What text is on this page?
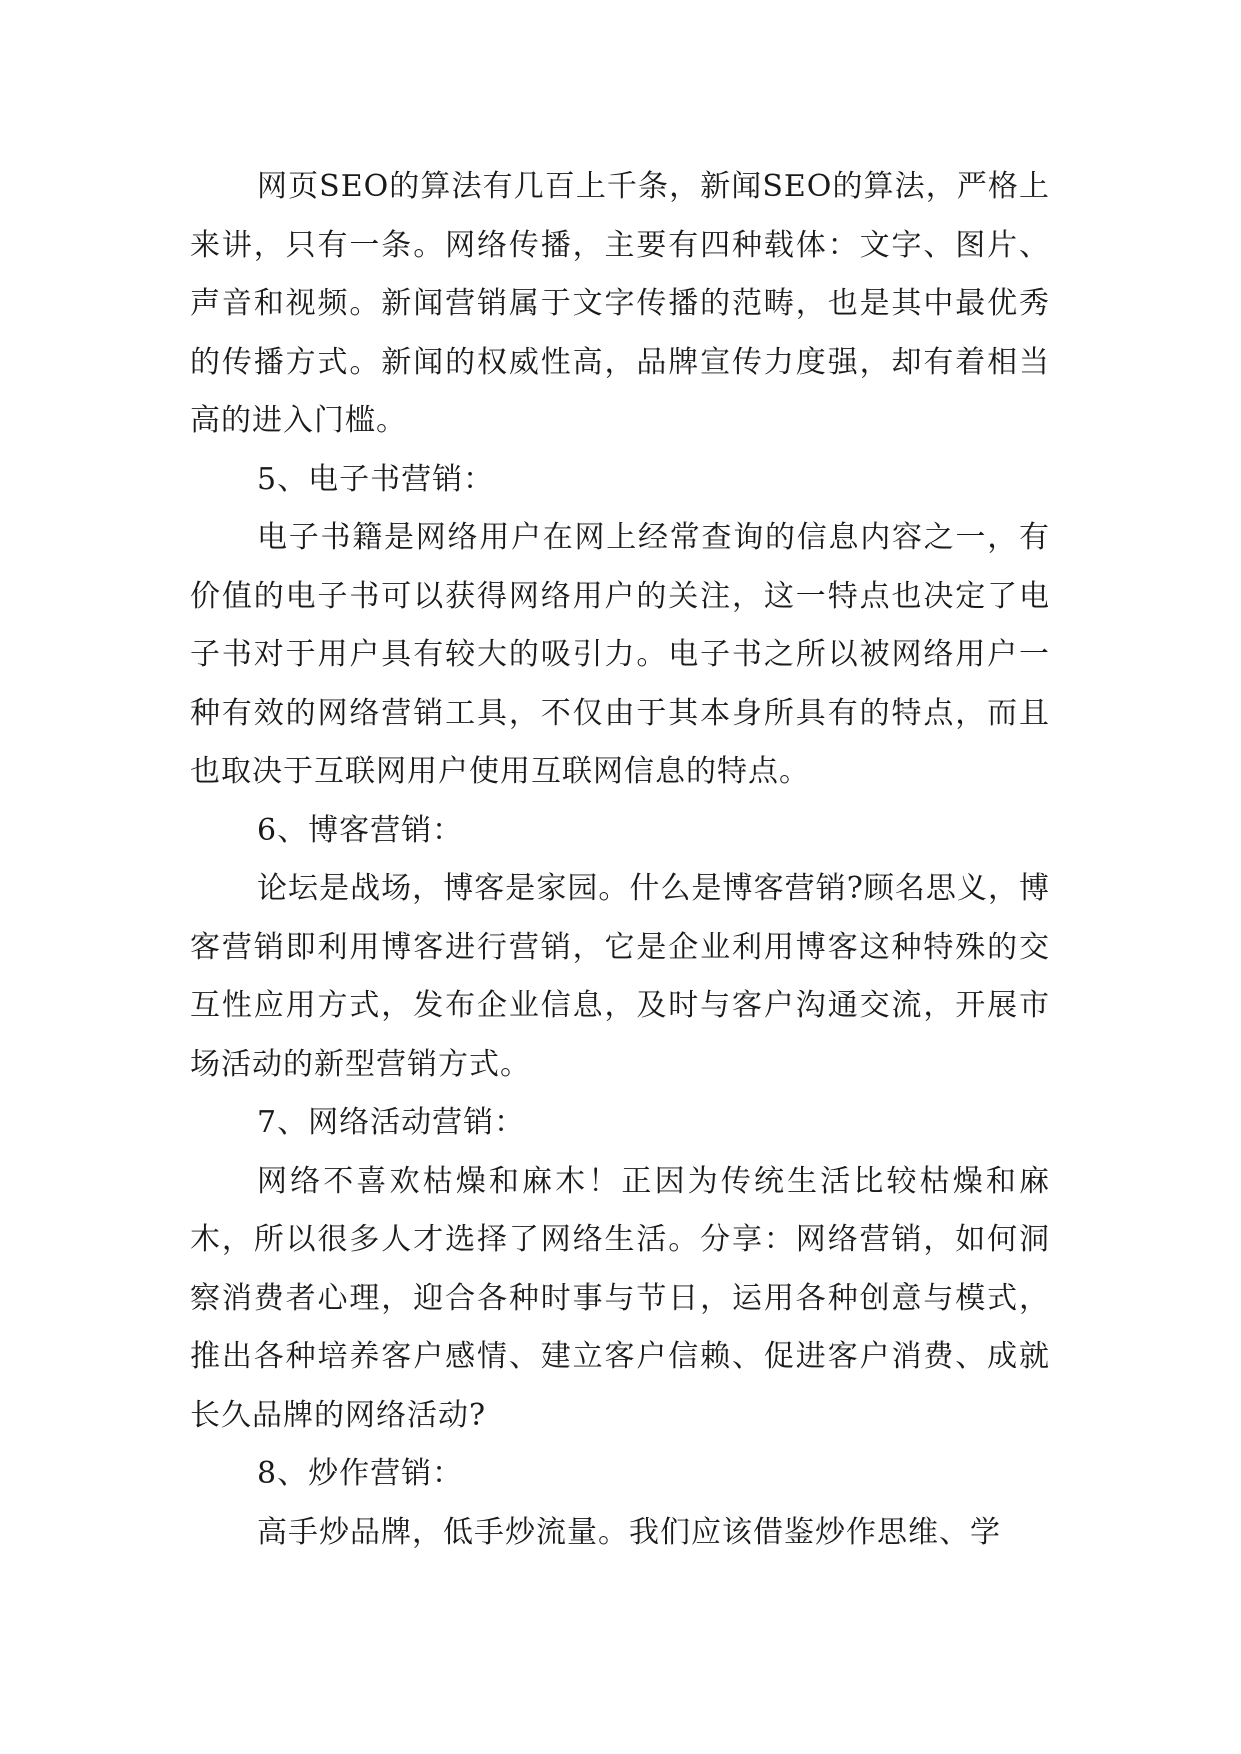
网页SEO的算法有几百上千条，新闻SEO的算法，严格上来讲，只有一条。网络传播，主要有四种载体：文字、图片、声音和视频。新闻营销属于文字传播的范畴，也是其中最优秀的传播方式。新闻的权威性高，品牌宣传力度强，却有着相当高的进入门槛。

5、电子书营销：

电子书籍是网络用户在网上经常查询的信息内容之一，有价值的电子书可以获得网络用户的关注，这一特点也决定了电子书对于用户具有较大的吸引力。电子书之所以被网络用户一种有效的网络营销工具，不仅由于其本身所具有的特点，而且也取决于互联网用户使用互联网信息的特点。

6、博客营销：

论坛是战场，博客是家园。什么是博客营销?顾名思义，博客营销即利用博客进行营销，它是企业利用博客这种特殊的交互性应用方式，发布企业信息，及时与客户沟通交流，开展市场活动的新型营销方式。

7、网络活动营销：

网络不喜欢枯燥和麻木！正因为传统生活比较枯燥和麻木，所以很多人才选择了网络生活。分享：网络营销，如何洞察消费者心理，迎合各种时事与节日，运用各种创意与模式，推出各种培养客户感情、建立客户信赖、促进客户消费、成就长久品牌的网络活动?

8、炒作营销：

高手炒品牌，低手炒流量。我们应该借鉴炒作思维、学
